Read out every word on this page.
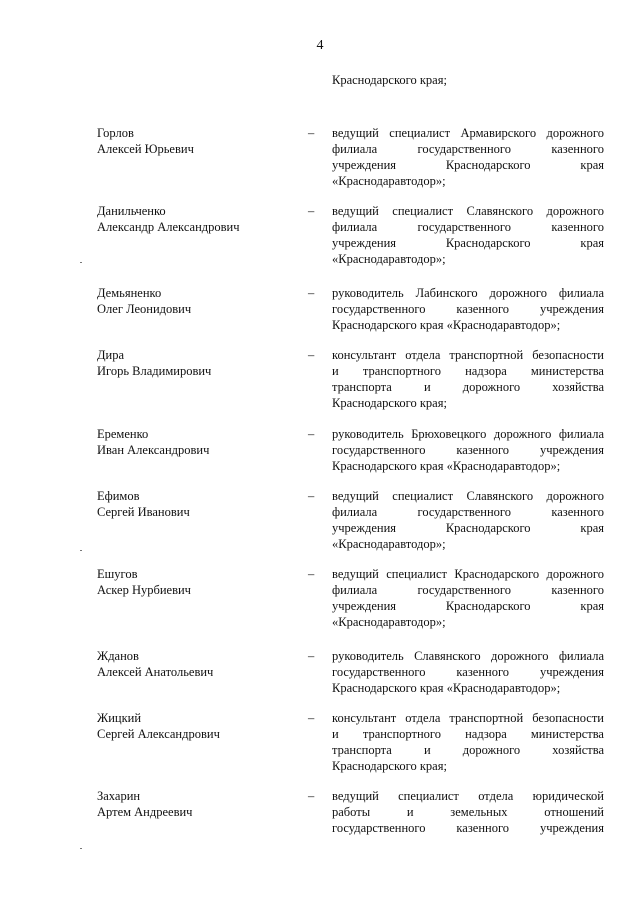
4
Краснодарского края;
Горлов
Алексей Юрьевич
– ведущий специалист Армавирского дорожного
филиала государственного казенного
учреждения Краснодарского края
«Краснодаравтодор»;
Данильченко
Александр Александрович
– ведущий специалист Славянского дорожного
филиала государственного казенного
учреждения Краснодарского края
«Краснодаравтодор»;
Демьяненко
Олег Леонидович
– руководитель Лабинского дорожного филиала
государственного казенного учреждения
Краснодарского края «Краснодаравтодор»;
Дира
Игорь Владимирович
– консультант отдела транспортной безопасности
и транспортного надзора министерства
транспорта и дорожного хозяйства
Краснодарского края;
Еременко
Иван Александрович
– руководитель Брюховецкого дорожного филиала
государственного казенного учреждения
Краснодарского края «Краснодаравтодор»;
Ефимов
Сергей Иванович
– ведущий специалист Славянского дорожного
филиала государственного казенного
учреждения Краснодарского края
«Краснодаравтодор»;
Ешугов
Аскер Нурбиевич
– ведущий специалист Краснодарского дорожного
филиала государственного казенного
учреждения Краснодарского края
«Краснодаравтодор»;
Жданов
Алексей Анатольевич
– руководитель Славянского дорожного филиала
государственного казенного учреждения
Краснодарского края «Краснодаравтодор»;
Жицкий
Сергей Александрович
– консультант отдела транспортной безопасности
и транспортного надзора министерства
транспорта и дорожного хозяйства
Краснодарского края;
Захарин
Артем Андреевич
– ведущий специалист отдела юридической
работы и земельных отношений
государственного казенного учреждения
